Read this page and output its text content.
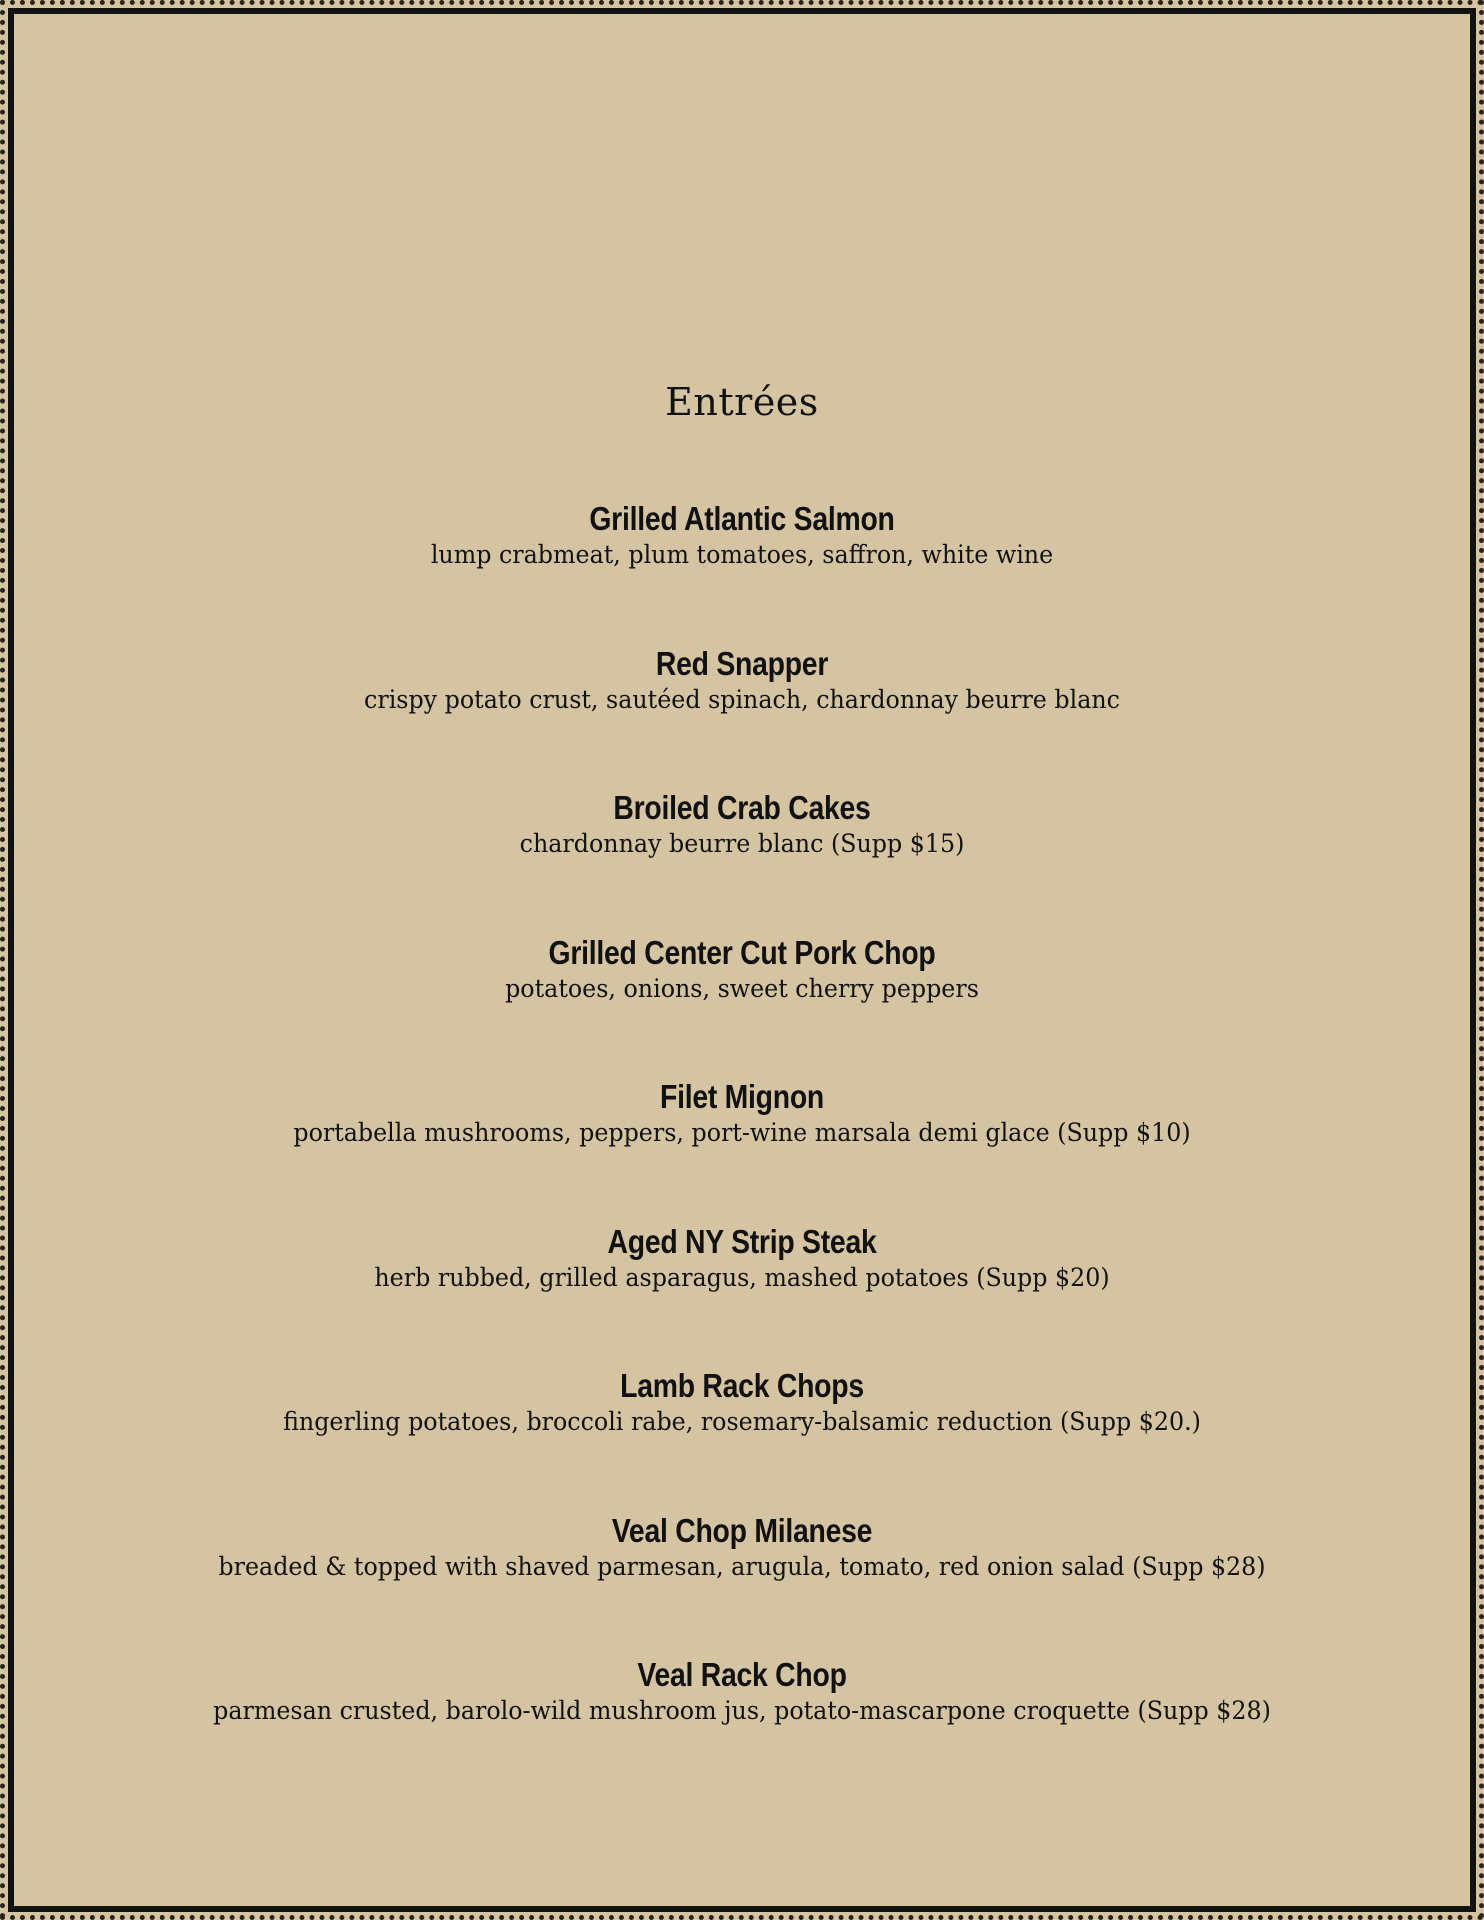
Entrées
Grilled Atlantic Salmon
lump crabmeat, plum tomatoes, saffron, white wine
Red Snapper
crispy potato crust, sautéed spinach, chardonnay beurre blanc
Broiled Crab Cakes
chardonnay beurre blanc (Supp $15)
Grilled Center Cut Pork Chop
potatoes, onions, sweet cherry peppers
Filet Mignon
portabella mushrooms, peppers, port-wine marsala demi glace (Supp $10)
Aged NY Strip Steak
herb rubbed, grilled asparagus, mashed potatoes (Supp $20)
Lamb Rack Chops
fingerling potatoes, broccoli rabe, rosemary-balsamic reduction (Supp $20.)
Veal Chop Milanese
breaded & topped with shaved parmesan, arugula, tomato, red onion salad (Supp $28)
Veal Rack Chop
parmesan crusted, barolo-wild mushroom jus, potato-mascarpone croquette (Supp $28)
